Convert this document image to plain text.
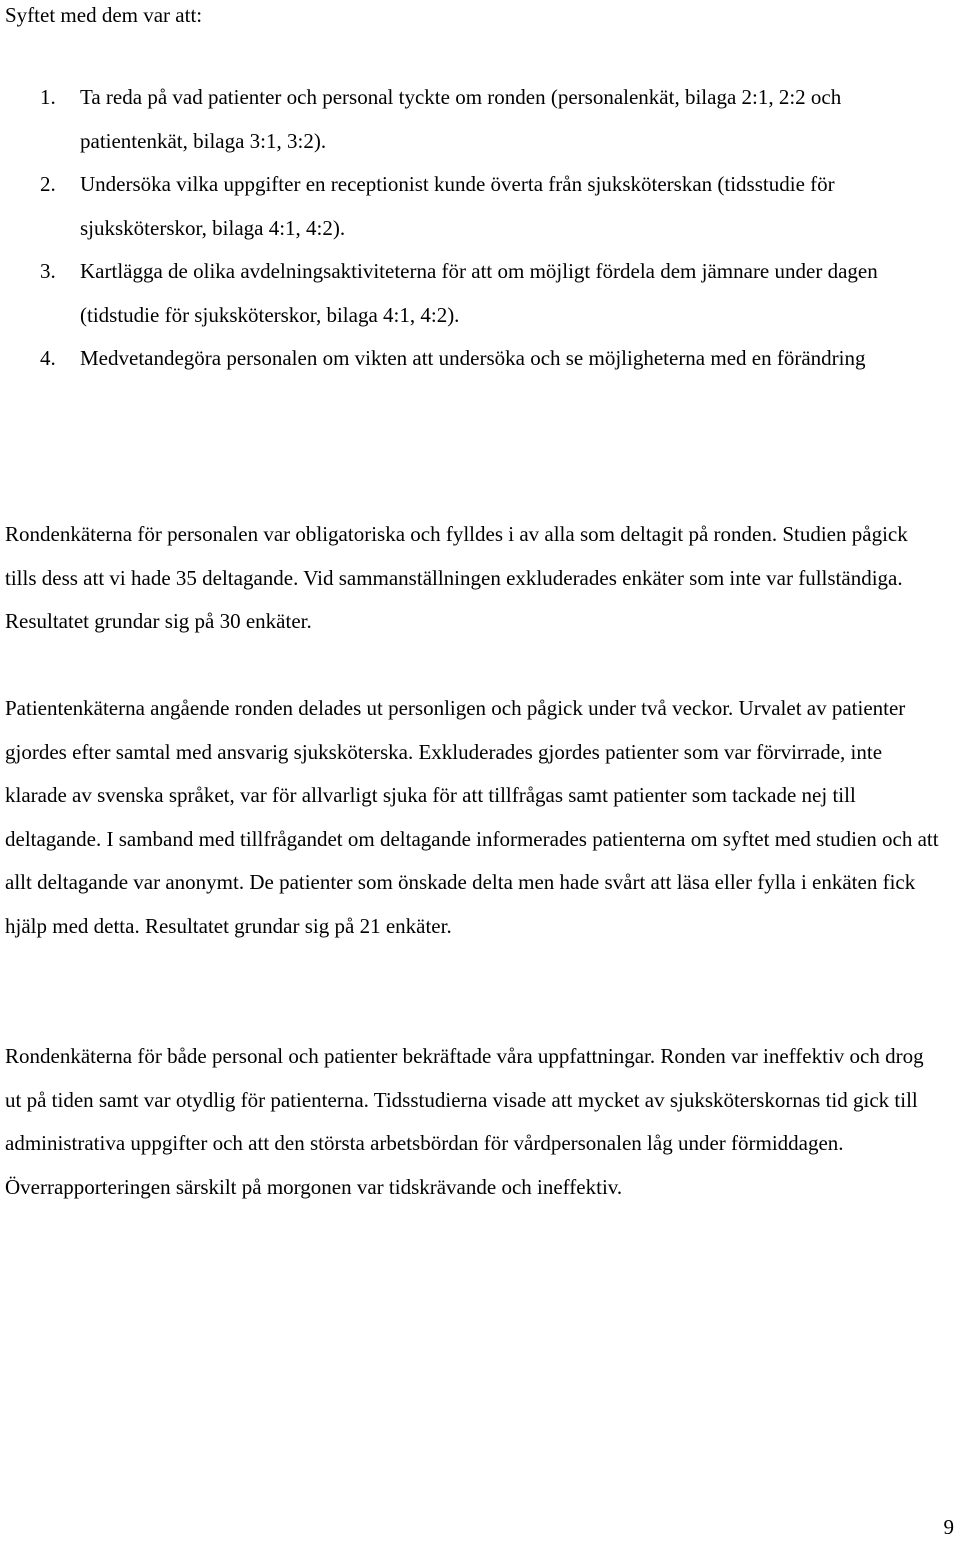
Syftet med dem var att:

1. Ta reda på vad patienter och personal tyckte om ronden (personalenkät, bilaga 2:1, 2:2 och patientenkät, bilaga 3:1, 3:2).
2. Undersöka vilka uppgifter en receptionist kunde överta från sjuksköterskan (tidsstudie för sjuksköterskor, bilaga 4:1, 4:2).
3. Kartlägga de olika avdelningsaktiviteterna för att om möjligt fördela dem jämnare under dagen (tidstudie för sjuksköterskor, bilaga 4:1, 4:2).
4. Medvetandegöra personalen om vikten att undersöka och se möjligheterna med en förändring

Rondenkäterna för personalen var obligatoriska och fylldes i av alla som deltagit på ronden. Studien pågick tills dess att vi hade 35 deltagande. Vid sammanställningen exkluderades enkäter som inte var fullständiga. Resultatet grundar sig på 30 enkäter.

Patientenkäterna angående ronden delades ut personligen och pågick under två veckor. Urvalet av patienter gjordes efter samtal med ansvarig sjuksköterska. Exkluderades gjordes patienter som var förvirrade, inte klarade av svenska språket, var för allvarligt sjuka för att tillfrågas samt patienter som tackade nej till deltagande. I samband med tillfrågandet om deltagande informerades patienterna om syftet med studien och att allt deltagande var anonymt. De patienter som önskade delta men hade svårt att läsa eller fylla i enkäten fick hjälp med detta. Resultatet grundar sig på 21 enkäter.

Rondenkäterna för både personal och patienter bekräftade våra uppfattningar. Ronden var ineffektiv och drog ut på tiden samt var otydlig för patienterna. Tidsstudierna visade att mycket av sjuksköterskornas tid gick till administrativa uppgifter och att den största arbetsbördan för vårdpersonalen låg under förmiddagen. Överrapporteringen särskilt på morgonen var tidskrävande och ineffektiv.

9
